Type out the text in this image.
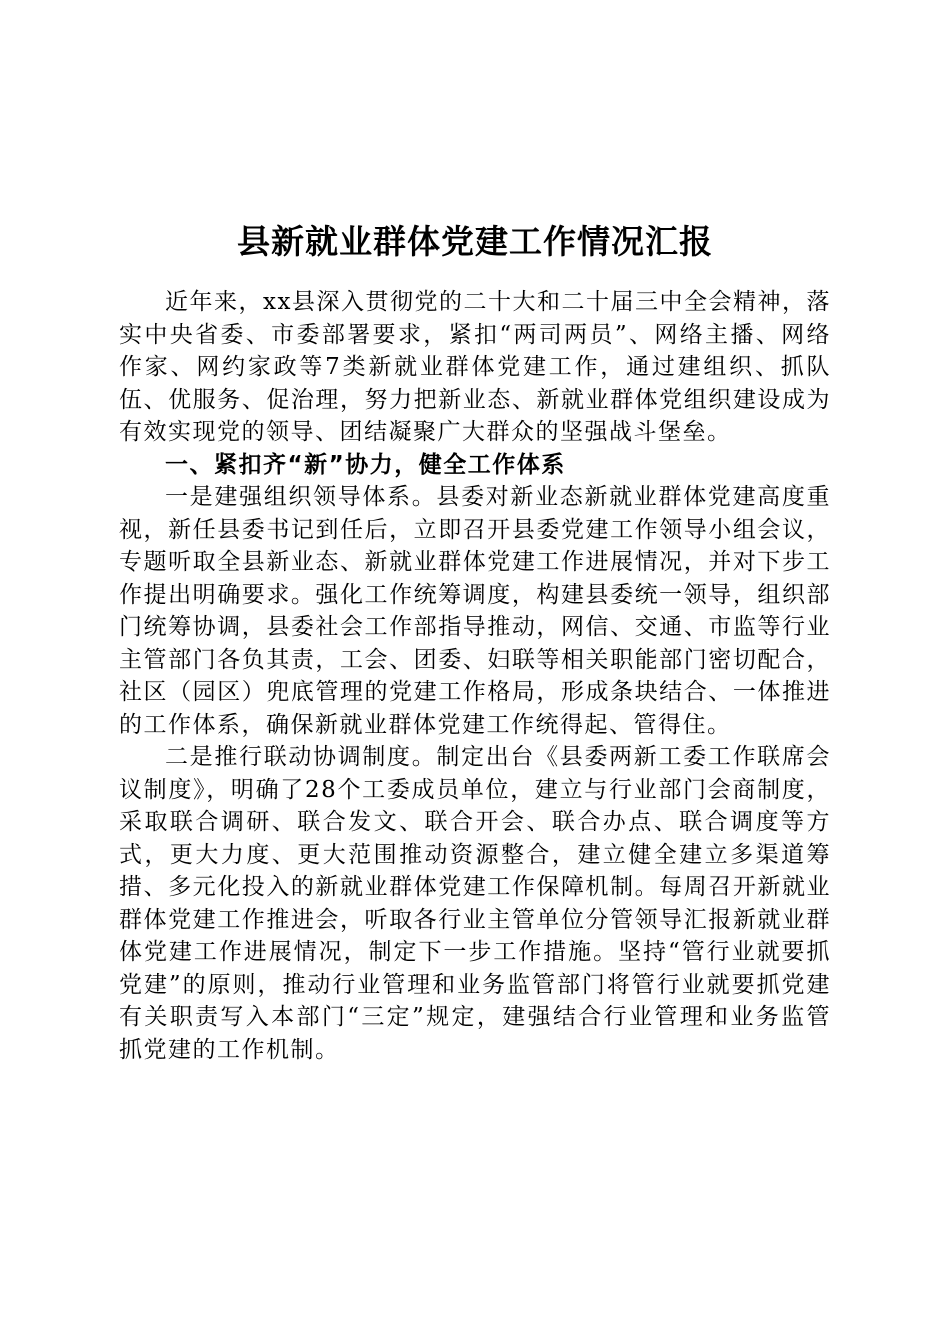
县新就业群体党建工作情况汇报

近年来，xx县深入贯彻党的二十大和二十届三中全会精神，落实中央省委、市委部署要求，紧扣“两司两员”、网络主播、网络作家、网约家政等7类新就业群体党建工作，通过建组织、抓队伍、优服务、促治理，努力把新业态、新就业群体党组织建设成为有效实现党的领导、团结凝聚广大群众的坚强战斗堡垒。

一、紧扣齐“新”协力，健全工作体系

一是建强组织领导体系。县委对新业态新就业群体党建高度重视，新任县委书记到任后，立即召开县委党建工作领导小组会议，专题听取全县新业态、新就业群体党建工作进展情况，并对下步工作提出明确要求。强化工作统筹调度，构建县委统一领导，组织部门统筹协调，县委社会工作部指导推动，网信、交通、市监等行业主管部门各负其责，工会、团委、妇联等相关职能部门密切配合，社区（园区）兜底管理的党建工作格局，形成条块结合、一体推进的工作体系，确保新就业群体党建工作统得起、管得住。

二是推行联动协调制度。制定出台《县委两新工委工作联席会议制度》，明确了28个工委成员单位，建立与行业部门会商制度，采取联合调研、联合发文、联合开会、联合办点、联合调度等方式，更大力度、更大范围推动资源整合，建立健全建立多渠道筹措、多元化投入的新就业群体党建工作保障机制。每周召开新就业群体党建工作推进会，听取各行业主管单位分管领导汇报新就业群体党建工作进展情况，制定下一步工作措施。坚持“管行业就要抓党建”的原则，推动行业管理和业务监管部门将管行业就要抓党建有关职责写入本部门“三定”规定，建强结合行业管理和业务监管抓党建的工作机制。
